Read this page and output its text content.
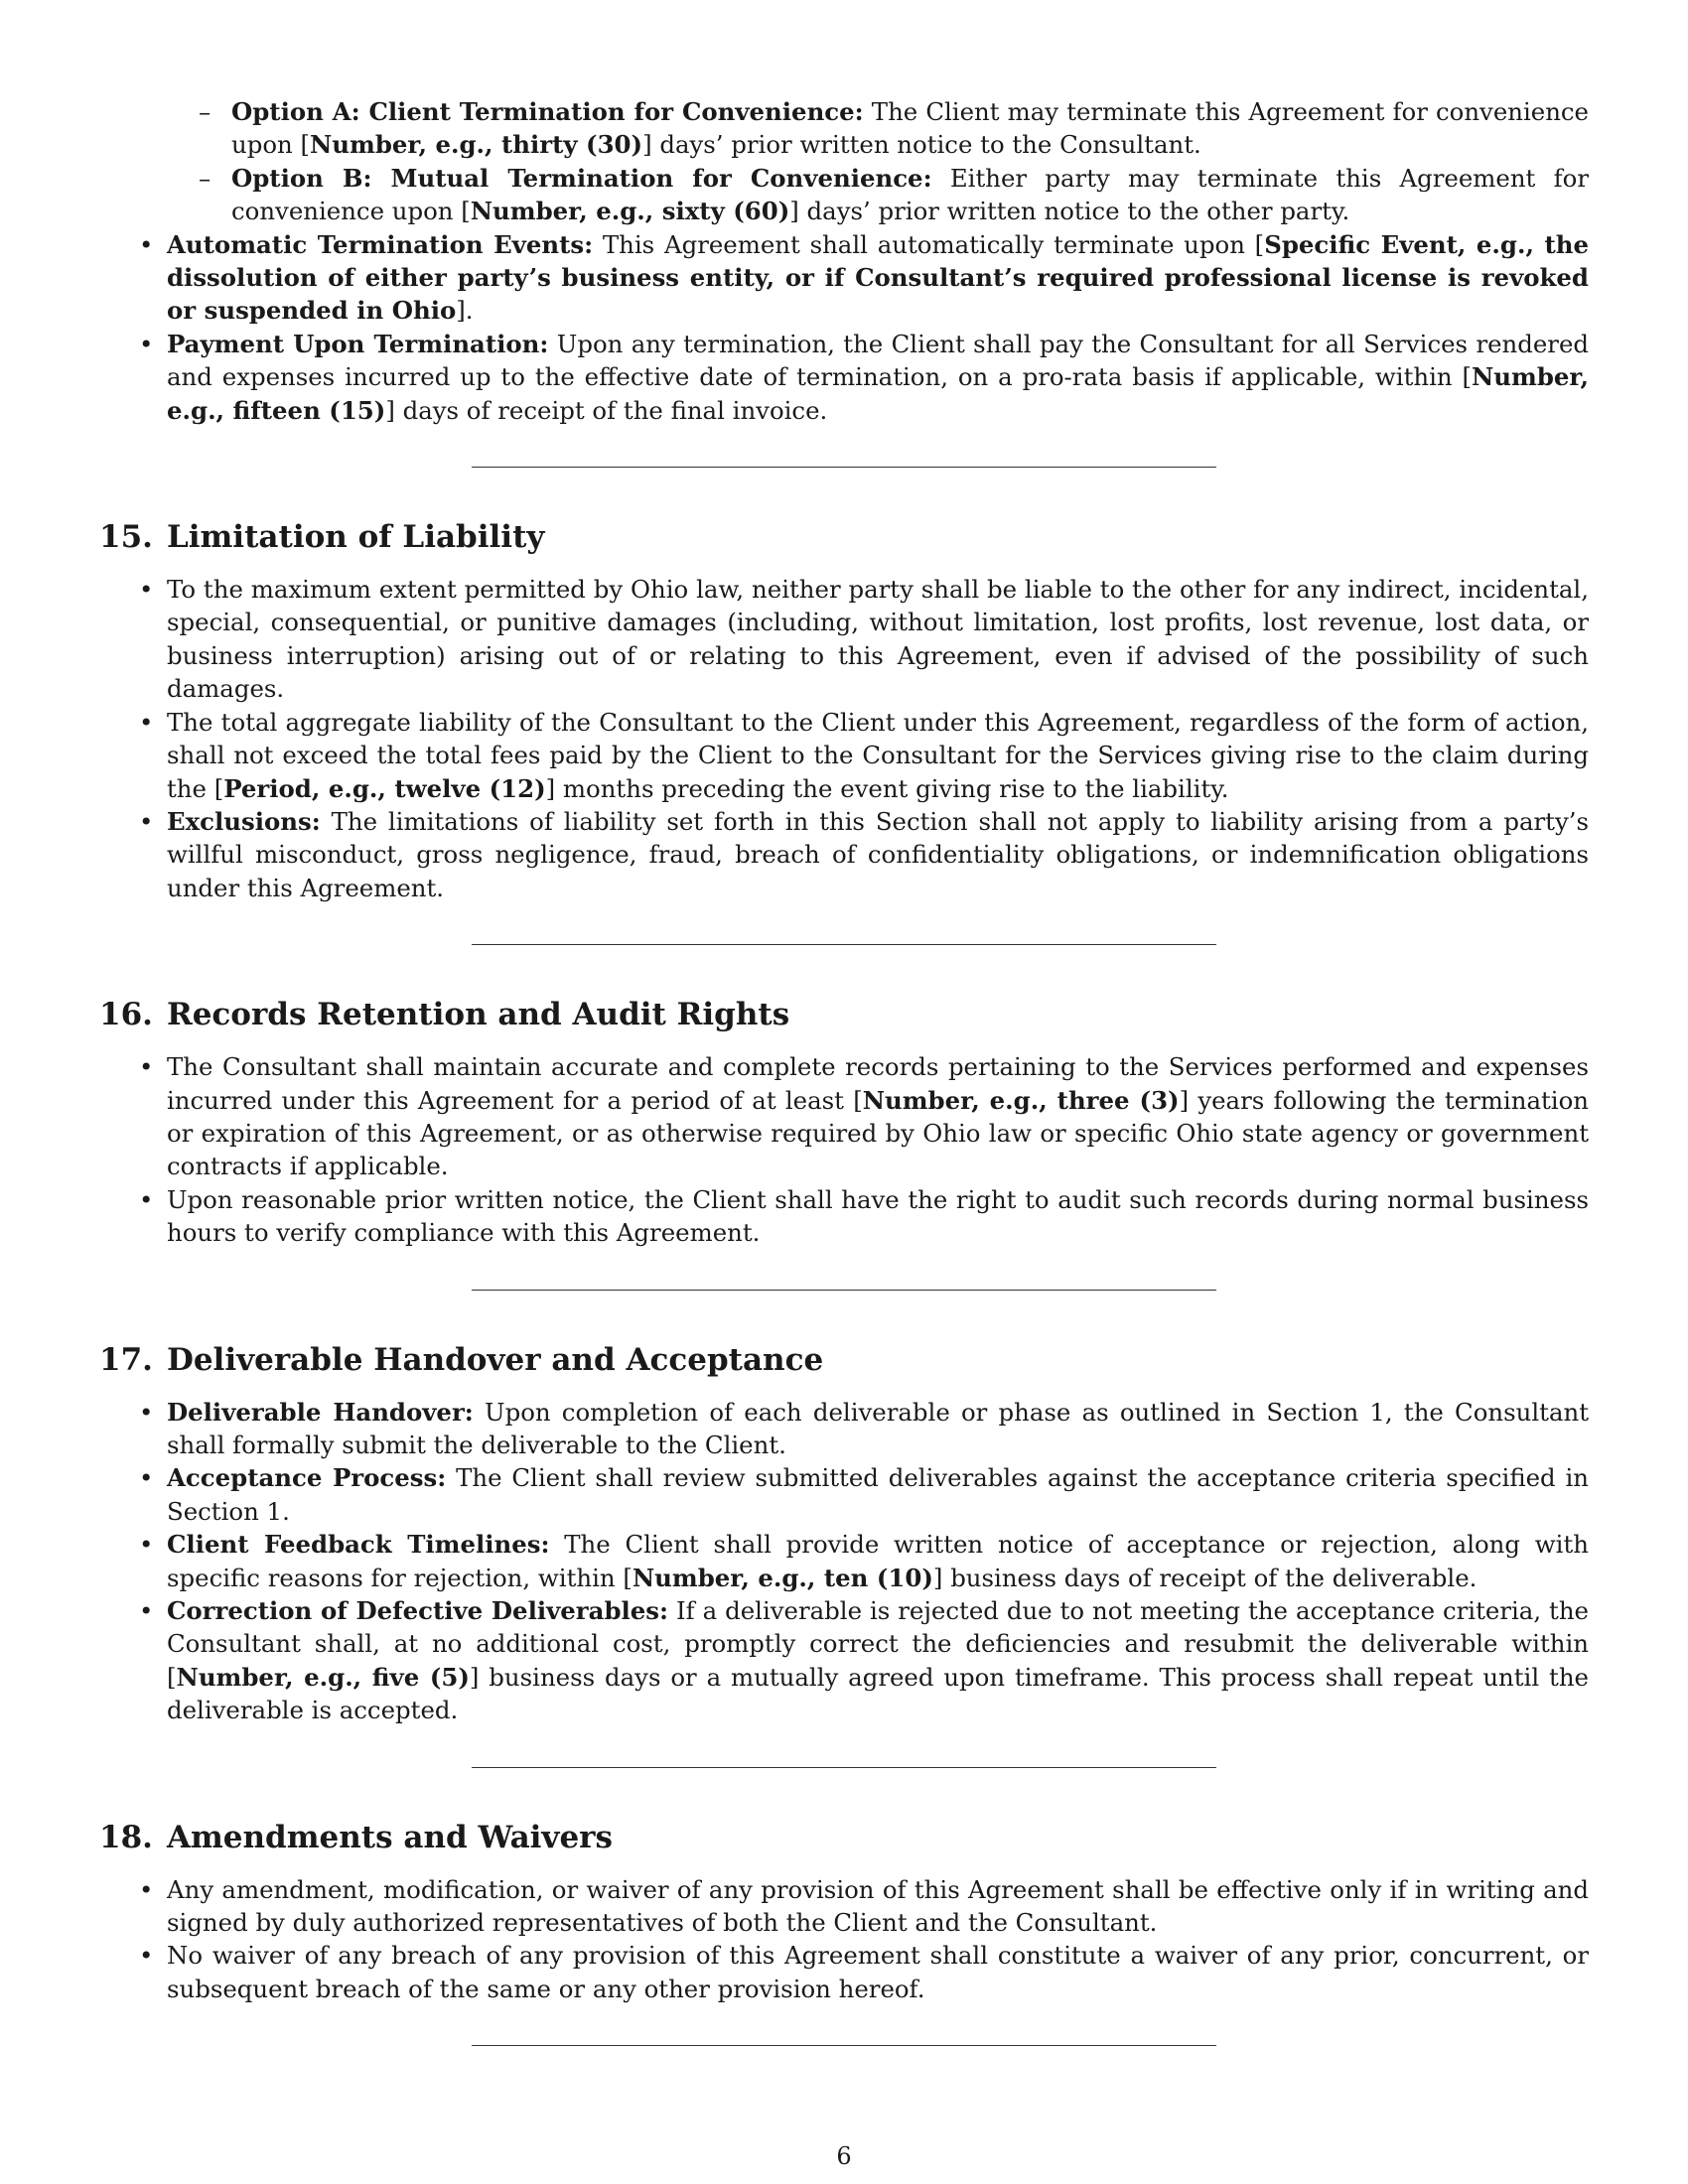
– Option A: Client Termination for Convenience: The Client may terminate this Agreement for convenience upon [Number, e.g., thirty (30)] days’ prior written notice to the Consultant.
– Option B: Mutual Termination for Convenience: Either party may terminate this Agreement for convenience upon [Number, e.g., sixty (60)] days’ prior written notice to the other party.
• Automatic Termination Events: This Agreement shall automatically terminate upon [Specific Event, e.g., the dissolution of either party’s business entity, or if Consultant’s required professional license is revoked or suspended in Ohio].
• Payment Upon Termination: Upon any termination, the Client shall pay the Consultant for all Services rendered and expenses incurred up to the effective date of termination, on a pro-rata basis if applicable, within [Number, e.g., fifteen (15)] days of receipt of the final invoice.
15. Limitation of Liability
• To the maximum extent permitted by Ohio law, neither party shall be liable to the other for any indirect, incidental, special, consequential, or punitive damages (including, without limitation, lost profits, lost revenue, lost data, or business interruption) arising out of or relating to this Agreement, even if advised of the possibility of such damages.
• The total aggregate liability of the Consultant to the Client under this Agreement, regardless of the form of action, shall not exceed the total fees paid by the Client to the Consultant for the Services giving rise to the claim during the [Period, e.g., twelve (12)] months preceding the event giving rise to the liability.
• Exclusions: The limitations of liability set forth in this Section shall not apply to liability arising from a party’s willful misconduct, gross negligence, fraud, breach of confidentiality obligations, or indemnification obligations under this Agreement.
16. Records Retention and Audit Rights
• The Consultant shall maintain accurate and complete records pertaining to the Services performed and expenses incurred under this Agreement for a period of at least [Number, e.g., three (3)] years following the termination or expiration of this Agreement, or as otherwise required by Ohio law or specific Ohio state agency or government contracts if applicable.
• Upon reasonable prior written notice, the Client shall have the right to audit such records during normal business hours to verify compliance with this Agreement.
17. Deliverable Handover and Acceptance
• Deliverable Handover: Upon completion of each deliverable or phase as outlined in Section 1, the Consultant shall formally submit the deliverable to the Client.
• Acceptance Process: The Client shall review submitted deliverables against the acceptance criteria specified in Section 1.
• Client Feedback Timelines: The Client shall provide written notice of acceptance or rejection, along with specific reasons for rejection, within [Number, e.g., ten (10)] business days of receipt of the deliverable.
• Correction of Defective Deliverables: If a deliverable is rejected due to not meeting the acceptance criteria, the Consultant shall, at no additional cost, promptly correct the deficiencies and resubmit the deliverable within [Number, e.g., five (5)] business days or a mutually agreed upon timeframe. This process shall repeat until the deliverable is accepted.
18. Amendments and Waivers
• Any amendment, modification, or waiver of any provision of this Agreement shall be effective only if in writing and signed by duly authorized representatives of both the Client and the Consultant.
• No waiver of any breach of any provision of this Agreement shall constitute a waiver of any prior, concurrent, or subsequent breach of the same or any other provision hereof.
6
